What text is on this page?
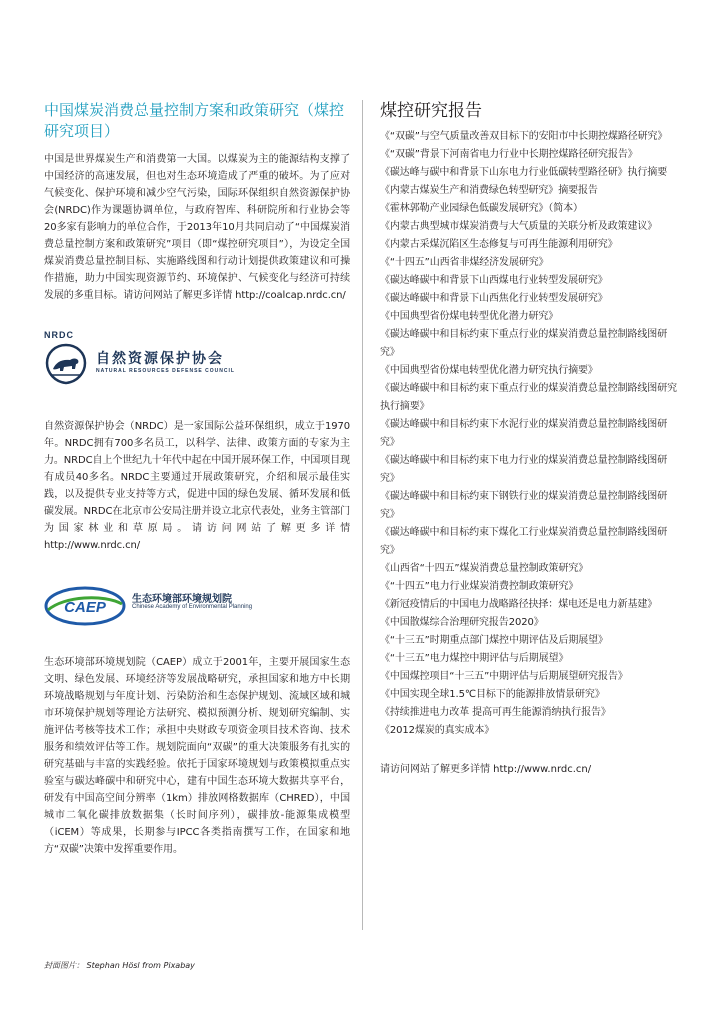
中国煤炭消费总量控制方案和政策研究（煤控研究项目）

中国是世界煤炭生产和消费第一大国。以煤炭为主的能源结构支撑了中国经济的高速发展，但也对生态环境造成了严重的破坏。为了应对气候变化、保护环境和减少空气污染，国际环保组织自然资源保护协会(NRDC)作为课题协调单位，与政府智库、科研院所和行业协会等20多家有影响力的单位合作，于2013年10月共同启动了“中国煤炭消费总量控制方案和政策研究”项目（即“煤控研究项目”），为设定全国煤炭消费总量控制目标、实施路线图和行动计划提供政策建议和可操作措施，助力中国实现资源节约、环境保护、气候变化与经济可持续发展的多重目标。请访问网站了解更多详情 http://coalcap.nrdc.cn/

NRDC
自然资源保护协会
NATURAL RESOURCES DEFENSE COUNCIL

自然资源保护协会（NRDC）是一家国际公益环保组织，成立于1970年。NRDC拥有700多名员工，以科学、法律、政策方面的专家为主力。NRDC自上个世纪九十年代中起在中国开展环保工作，中国项目现有成员40多名。NRDC主要通过开展政策研究，介绍和展示最佳实践，以及提供专业支持等方式，促进中国的绿色发展、循环发展和低碳发展。NRDC在北京市公安局注册并设立北京代表处，业务主管部门为国家林业和草原局。请访问网站了解更多详情 http://www.nrdc.cn/

CAEP	生态环境部环境规划院
Chinese Academy of Environmental Planning

生态环境部环境规划院（CAEP）成立于2001年，主要开展国家生态文明、绿色发展、环境经济等发展战略研究，承担国家和地方中长期环境战略规划与年度计划、污染防治和生态保护规划、流域区域和城市环境保护规划等理论方法研究、模拟预测分析、规划研究编制、实施评估考核等技术工作；承担中央财政专项资金项目技术咨询、技术服务和绩效评估等工作。规划院面向“双碳”的重大决策服务有扎实的研究基础与丰富的实践经验。依托于国家环境规划与政策模拟重点实验室与碳达峰碳中和研究中心，建有中国生态环境大数据共享平台，研发有中国高空间分辨率（1km）排放网格数据库（CHRED），中国城市二氧化碳排放数据集（长时间序列），碳排放-能源集成模型（iCEM）等成果，长期参与IPCC各类指南撰写工作，在国家和地方“双碳”决策中发挥重要作用。

煤控研究报告
《“双碳”与空气质量改善双目标下的安阳市中长期控煤路径研究》
《“双碳”背景下河南省电力行业中长期控煤路径研究报告》
《碳达峰与碳中和背景下山东电力行业低碳转型路径研》执行摘要
《内蒙古煤炭生产和消费绿色转型研究》摘要报告
《霍林郭勒产业园绿色低碳发展研究》（简本）
《内蒙古典型城市煤炭消费与大气质量的关联分析及政策建议》
《内蒙古采煤沉陷区生态修复与可再生能源利用研究》
《“十四五”山西省非煤经济发展研究》
《碳达峰碳中和背景下山西煤电行业转型发展研究》
《碳达峰碳中和背景下山西焦化行业转型发展研究》
《中国典型省份煤电转型优化潜力研究》
《碳达峰碳中和目标约束下重点行业的煤炭消费总量控制路线图研究》
《中国典型省份煤电转型优化潜力研究执行摘要》
《碳达峰碳中和目标约束下重点行业的煤炭消费总量控制路线图研究执行摘要》
《碳达峰碳中和目标约束下水泥行业的煤炭消费总量控制路线图研究》
《碳达峰碳中和目标约束下电力行业的煤炭消费总量控制路线图研究》
《碳达峰碳中和目标约束下钢铁行业的煤炭消费总量控制路线图研究》
《碳达峰碳中和目标约束下煤化工行业煤炭消费总量控制路线图研究》
《山西省“十四五”煤炭消费总量控制政策研究》
《“十四五”电力行业煤炭消费控制政策研究》
《新冠疫情后的中国电力战略路径抉择：煤电还是电力新基建》
《中国散煤综合治理研究报告2020》
《“十三五”时期重点部门煤控中期评估及后期展望》
《“十三五”电力煤控中期评估与后期展望》
《中国煤控项目“十三五”中期评估与后期展望研究报告》
《中国实现全球1.5℃目标下的能源排放情景研究》
《持续推进电力改革 提高可再生能源消纳执行报告》
《2012煤炭的真实成本》

请访问网站了解更多详情 http://www.nrdc.cn/

封面图片： Stephan Hösl from Pixabay
